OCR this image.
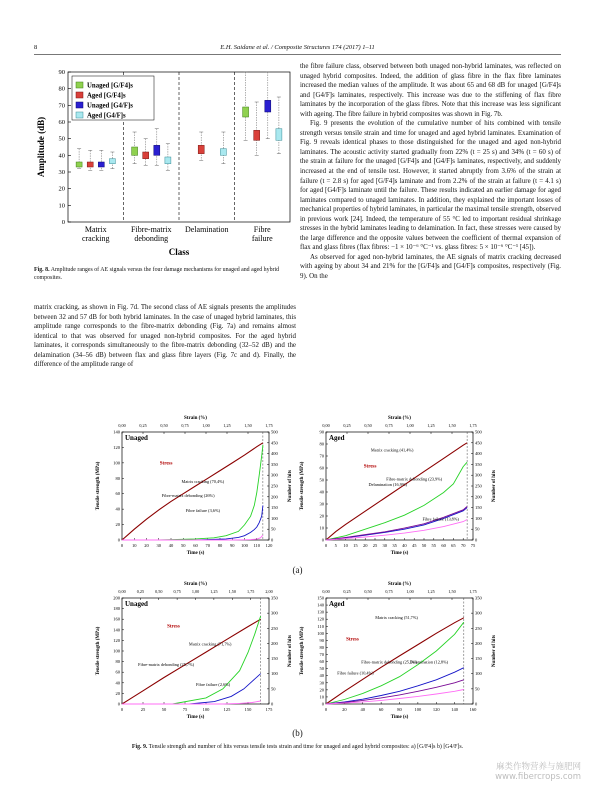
8	E.H. Saidane et al. / Composite Structures 174 (2017) 1–11
0
10
20
30
40
50
60
70
80
90
Amplitude (dB)
Matrix cracking
Fibre-matrix debonding
Delamination	Fibre failure
Class
Unaged [G/F4]s
Aged [G/F4]s
Unaged [G4/F]s
Aged [G4/F]s
Fig. 8. Amplitude ranges of AE signals versus the four damage mechanisms for unaged and aged hybrid composites.

matrix cracking, as shown in Fig. 7d. The second class of AE signals presents the amplitudes between 32 and 57 dB for both hybrid laminates. In the case of unaged hybrid laminates, this amplitude range corresponds to the fibre-matrix debonding (Fig. 7a) and remains almost identical to that was observed for unaged non-hybrid composites. For the aged hybrid laminates, it corresponds simultaneously to the fibre-matrix debonding (32–52 dB) and the delamination (34–56 dB) between flax and glass fibre layers (Fig. 7c and d). Finally, the difference of the amplitude range of

the fibre failure class, observed between both unaged non-hybrid laminates, was reflected on unaged hybrid composites. Indeed, the addition of glass fibre in the flax fibre laminates increased the median values of the amplitude. It was about 65 and 68 dB for unaged [G/F4]s and [G4/F]s laminates, respectively. This increase was due to the stiffening of flax fibre laminates by the incorporation of the glass fibres. Note that this increase was less significant with ageing. The fibre failure in hybrid composites was shown in Fig. 7b.

Fig. 9 presents the evolution of the cumulative number of hits combined with tensile strength versus tensile strain and time for unaged and aged hybrid laminates. Examination of Fig. 9 reveals identical phases to those distinguished for the unaged and aged non-hybrid laminates. The acoustic activity started gradually from 22% (t = 25 s) and 34% (t = 60 s) of the strain at failure for the unaged [G/F4]s and [G4/F]s laminates, respectively, and suddenly increased at the end of tensile test. However, it started abruptly from 3.6% of the strain at failure (t = 2.8 s) for aged [G/F4]s laminate and from 2.2% of the strain at failure (t = 4.1 s) for aged [G4/F]s laminate until the failure. These results indicated an earlier damage for aged laminates compared to unaged laminates. In addition, they explained the important losses of mechanical properties of hybrid laminates, in particular the maximal tensile strength, observed in previous work [24]. Indeed, the temperature of 55 °C led to important residual shrinkage stresses in the hybrid laminates leading to delamination. In fact, these stresses were caused by the large difference and the opposite values between the coefficient of thermal expansion of flax and glass fibres (flax fibres: −1 × 10⁻⁶ °C⁻¹ vs. glass fibres: 5 × 10⁻⁶ °C⁻¹ [45]).

As observed for aged non-hybrid laminates, the AE signals of matrix cracking decreased with ageing by about 34 and 21% for the [G/F4]s and [G4/F]s composites, respectively (Fig. 9). On the

Strain (%)
0,00	0,25	0,50	0,75	1,00	1,25	1,50	1,75
0 10 20 30 40 50 60 70 80 90 100 110 120
Time (s)
0
20
40
60
80
100
120
140
Tensile strength (MPa)
0
50
100
150
200
250
300
350
400
450
500
Number of hits
Unaged
Stress
Matrix cracking (70,4%)
Fibre-matrix debonding (26%)
Fibre failure (3,6%)
Strain (%)
0,00	0,25	0,50	0,75	1,00	1,25	1,50	1,75
0 5 10 15 20 25 30 35 40 45 50 55 60 65 70 75
Time (s)
0
10
20
30
40
50
60
70
80
90
Tensile strength (MPa)
0
50
100
150
200
250
300
350
400
450
500
Number of hits
Aged
Stress
Matrix cracking (41,4%)
Delamination (16,9%)
Fibre-matrix debonding (23,9%)
Fibre failure (13,8%)
(a)
Strain (%)
0,00	0,25	0,50	0,75	1,00	1,25	1,50	1,75	2,00
0	25	50	75	100	125	150	175
Time (s)
0
20
40
60
80
100
120
140
160
180
200
Tensile strength (MPa)
0
50
100
150
200
250
300
350
Number of hits
Unaged
Stress
Matrix cracking (71,7%)
Fibre-matrix debonding (25,7%)
Fibre failure (2,6%)
Strain (%)
0,00	0,25	0,50	0,75	1,00	1,25	1,50	1,75
0	20	40	60	80	100	120	140	160
Time (s)
0
10
20
30
40
50
60
70
80
90
100
110
120
130
140
150
Tensile strength (MPa)
0
50
100
150
200
250
300
350
Number of hits
Aged
Stress
Matrix cracking (51,7%)
Fibre-matrix debonding (25,1%)
Delamination (12,8%)
Fibre failure (10,4%)
(b)
Fig. 9. Tensile strength and number of hits versus tensile tests strain and time for unaged and aged hybrid composites: a) [G/F4]s b) [G4/F]s.
麻类作物营养与施肥网
www.fibercrops.com
